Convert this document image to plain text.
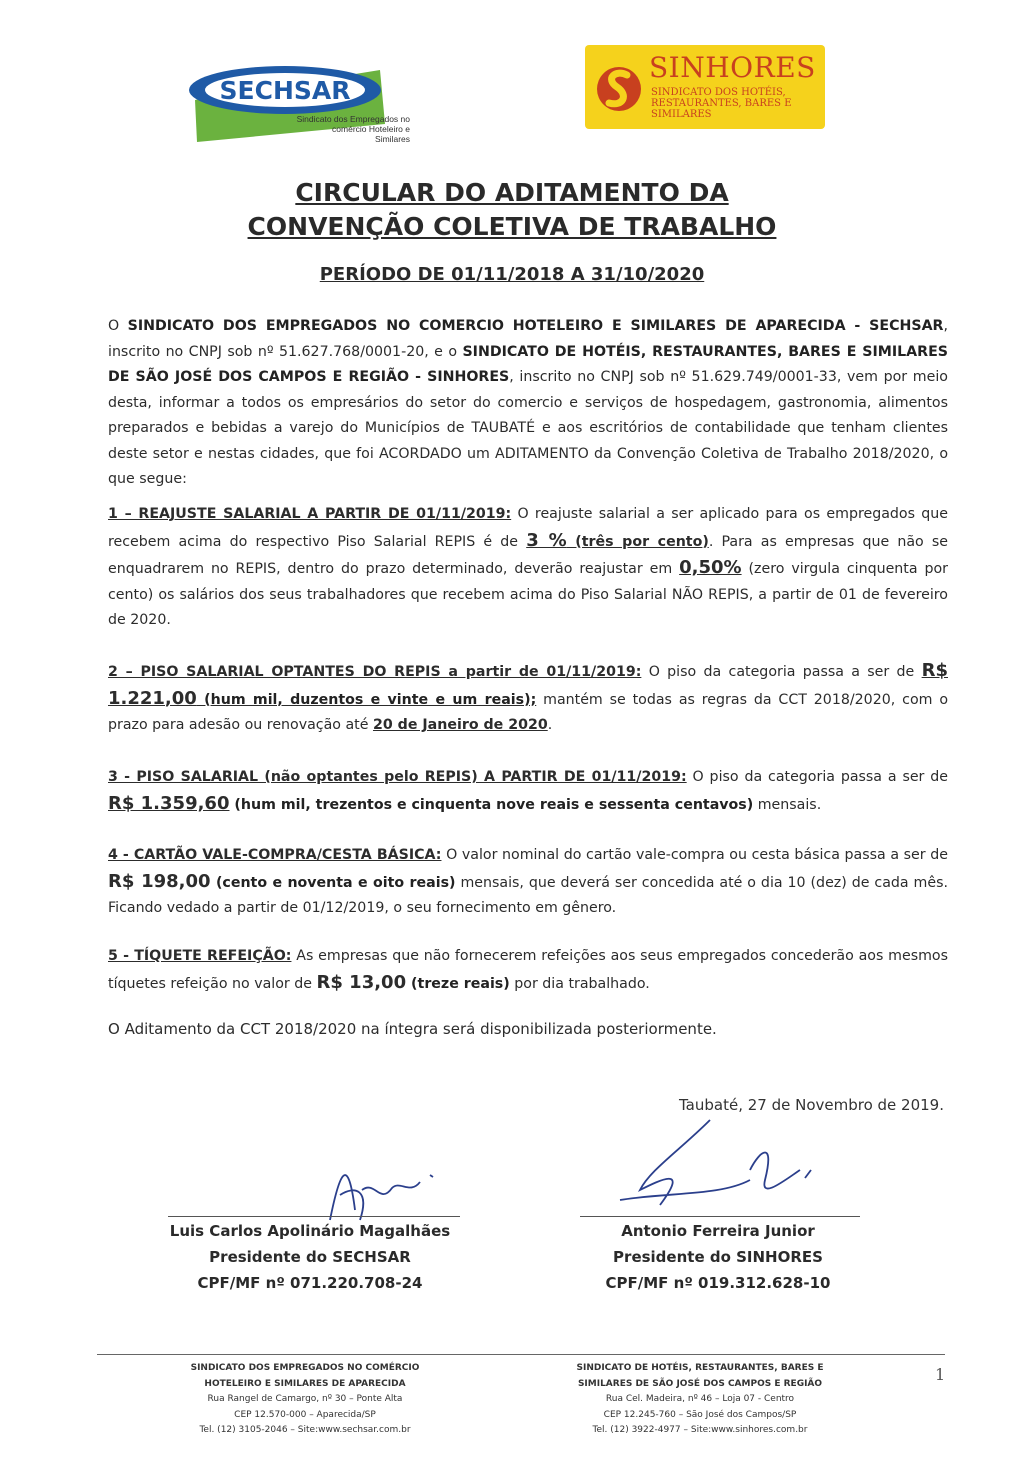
SECHSAR
Sindicato dos Empregados no comércio Hoteleiro e Similares
SINHORES
SINDICATO DOS HOTÉIS, RESTAURANTES, BARES E SIMILARES
CIRCULAR DO ADITAMENTO DA
CONVENÇÃO COLETIVA DE TRABALHO
PERÍODO DE 01/11/2018 A 31/10/2020
O SINDICATO DOS EMPREGADOS NO COMERCIO HOTELEIRO E SIMILARES DE APARECIDA - SECHSAR, inscrito no CNPJ sob nº 51.627.768/0001-20, e o SINDICATO DE HOTÉIS, RESTAURANTES, BARES E SIMILARES DE SÃO JOSÉ DOS CAMPOS E REGIÃO - SINHORES, inscrito no CNPJ sob nº 51.629.749/0001-33, vem por meio desta, informar a todos os empresários do setor do comercio e serviços de hospedagem, gastronomia, alimentos preparados e bebidas a varejo do Municípios de TAUBATÉ e aos escritórios de contabilidade que tenham clientes deste setor e nestas cidades, que foi ACORDADO um ADITAMENTO da Convenção Coletiva de Trabalho 2018/2020, o que segue:
1 – REAJUSTE SALARIAL A PARTIR DE 01/11/2019: O reajuste salarial a ser aplicado para os empregados que recebem acima do respectivo Piso Salarial REPIS é de 3 % (três por cento). Para as empresas que não se enquadrarem no REPIS, dentro do prazo determinado, deverão reajustar em 0,50% (zero virgula cinquenta por cento) os salários dos seus trabalhadores que recebem acima do Piso Salarial NÃO REPIS, a partir de 01 de fevereiro de 2020.
2 – PISO SALARIAL OPTANTES DO REPIS a partir de 01/11/2019: O piso da categoria passa a ser de R$ 1.221,00 (hum mil, duzentos e vinte e um reais); mantém se todas as regras da CCT 2018/2020, com o prazo para adesão ou renovação até 20 de Janeiro de 2020.
3 - PISO SALARIAL (não optantes pelo REPIS) A PARTIR DE 01/11/2019: O piso da categoria passa a ser de R$ 1.359,60 (hum mil, trezentos e cinquenta nove reais e sessenta centavos) mensais.
4 - CARTÃO VALE-COMPRA/CESTA BÁSICA: O valor nominal do cartão vale-compra ou cesta básica passa a ser de R$ 198,00 (cento e noventa e oito reais) mensais, que deverá ser concedida até o dia 10 (dez) de cada mês. Ficando vedado a partir de 01/12/2019, o seu fornecimento em gênero.
5 - TÍQUETE REFEIÇÃO: As empresas que não fornecerem refeições aos seus empregados concederão aos mesmos tíquetes refeição no valor de R$ 13,00 (treze reais) por dia trabalhado.
O Aditamento da CCT 2018/2020 na íntegra será disponibilizada posteriormente.
Taubaté, 27 de Novembro de 2019.
Luis Carlos Apolinário Magalhães
Presidente do SECHSAR
CPF/MF nº 071.220.708-24
Antonio Ferreira Junior
Presidente do SINHORES
CPF/MF nº 019.312.628-10
SINDICATO DOS EMPREGADOS NO COMÉRCIO
HOTELEIRO E SIMILARES DE APARECIDA
Rua Rangel de Camargo, nº 30 – Ponte Alta
CEP 12.570-000 – Aparecida/SP
Tel. (12) 3105-2046 – Site:www.sechsar.com.br
SINDICATO DE HOTÉIS, RESTAURANTES, BARES E
SIMILARES DE SÃO JOSÉ DOS CAMPOS E REGIÃO
Rua Cel. Madeira, nº 46 – Loja 07 - Centro
CEP 12.245-760 – São José dos Campos/SP
Tel. (12) 3922-4977 – Site:www.sinhores.com.br
1
